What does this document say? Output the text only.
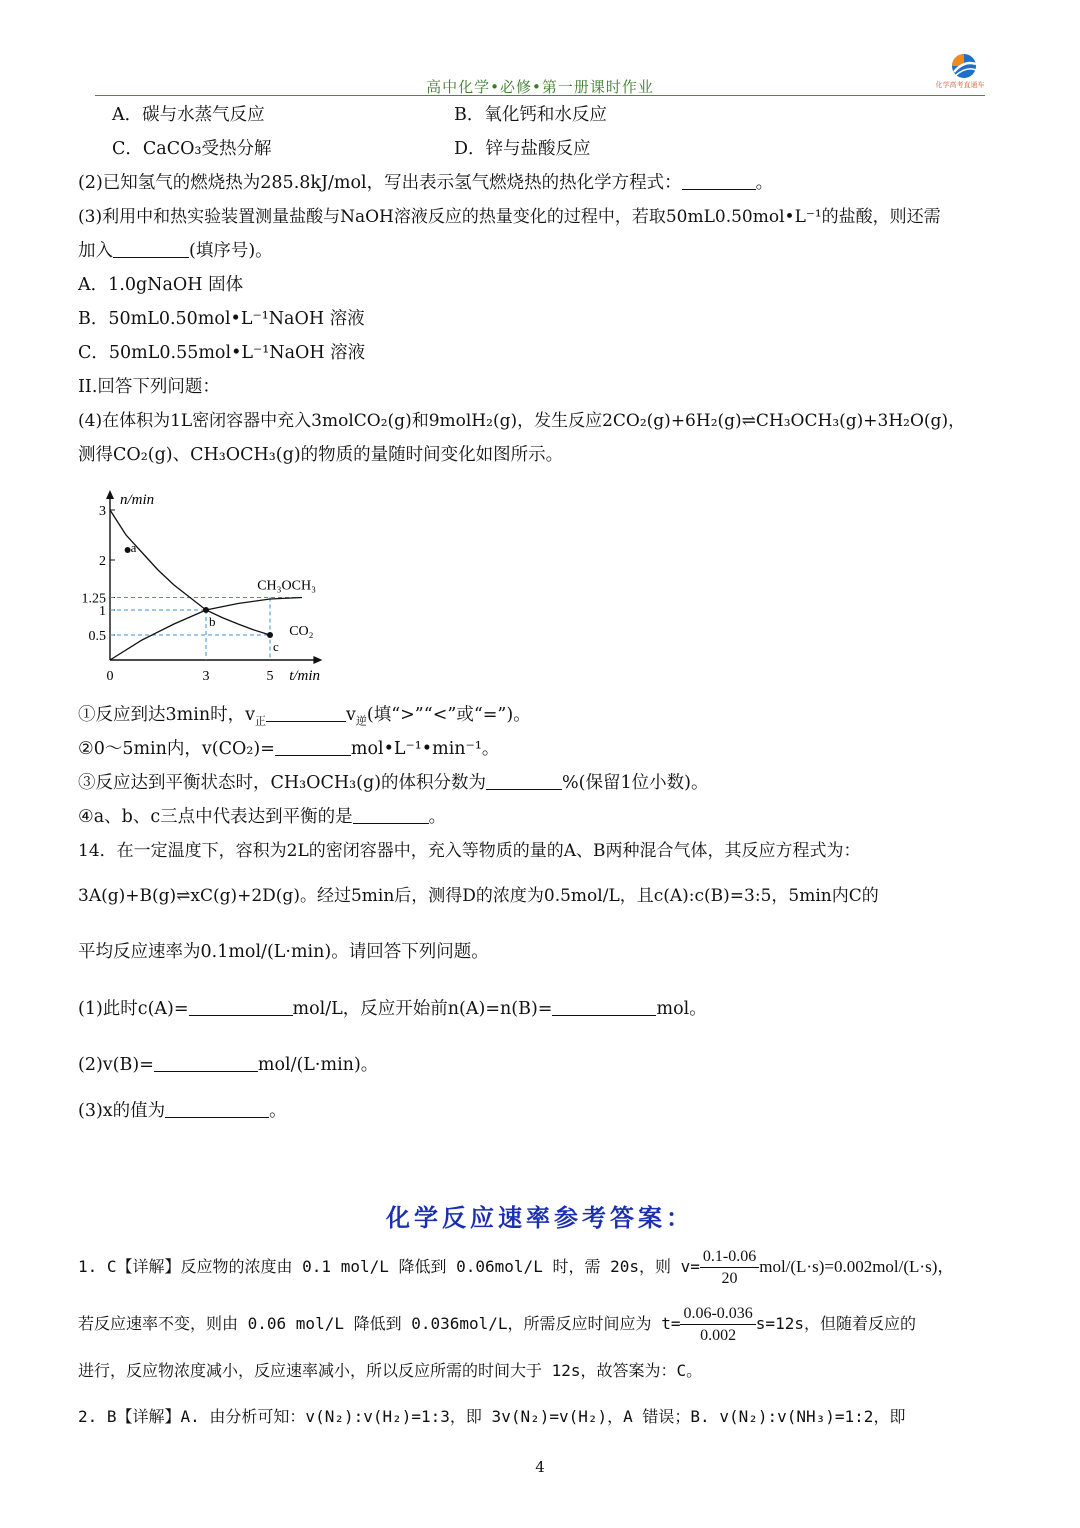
高中化学•必修•第一册课时作业	化学高考直通车
A．碳与水蒸气反应	B．氧化钙和水反应
C．CaCO₃受热分解	D．锌与盐酸反应
(2)已知氢气的燃烧热为285.8kJ/mol，写出表示氢气燃烧热的热化学方程式：	。
(3)利用中和热实验装置测量盐酸与NaOH溶液反应的热量变化的过程中，若取50mL0.50mol•L⁻¹的盐酸，则还需
加入	(填序号)。
A．1.0gNaOH 固体
B．50mL0.50mol•L⁻¹NaOH 溶液
C．50mL0.55mol•L⁻¹NaOH 溶液
II.回答下列问题：
(4)在体积为1L密闭容器中充入3molCO₂(g)和9molH₂(g)，发生反应2CO₂(g)+6H₂(g)⇌CH₃OCH₃(g)+3H₂O(g)，
测得CO₂(g)、CH₃OCH₃(g)的物质的量随时间变化如图所示。
3
2
1.25
1
0.5
0	3	5
n/min
t/min
CH₃OCH₃
CO₂
a
b
c
①反应到达3min时，$v_正$	$v_逆$(填“>”“<”或“=”)。
②0～5min内，v(CO₂)=	mol•L⁻¹•min⁻¹。
③反应达到平衡状态时，CH₃OCH₃(g)的体积分数为	%(保留1位小数)。
④a、b、c三点中代表达到平衡的是	。
14．在一定温度下，容积为2L的密闭容器中，充入等物质的量的A、B两种混合气体，其反应方程式为：
3A(g)+B(g)⇌xC(g)+2D(g)。经过5min后，测得D的浓度为0.5mol/L，且c(A):c(B)=3:5，5min内C的
平均反应速率为0.1mol/(L·min)。请回答下列问题。
(1)此时c(A)=	mol/L，反应开始前n(A)=n(B)=	mol。
(2)v(B)=	mol/(L·min)。
(3)x的值为	。
化学反应速率参考答案：
1. C【详解】反应物的浓度由 0.1 mol/L 降低到 0.06mol/L 时，需 20s，则 $v= \frac{0.1-0.06}{20} mol/(L\cdot s)=0.002mol/(L\cdot s)$，
若反应速率不变，则由 0.06 mol/L 降低到 0.036mol/L，所需反应时间应为 $t= \frac{0.06-0.036}{0.002} s=12s$，但随着反应的
进行，反应物浓度减小，反应速率减小，所以反应所需的时间大于 12s，故答案为：C。
2. B【详解】A. 由分析可知：v(N₂):v(H₂)=1:3，即 3v(N₂)=v(H₂)，A 错误；B. v(N₂):v(NH₃)=1:2，即
4
